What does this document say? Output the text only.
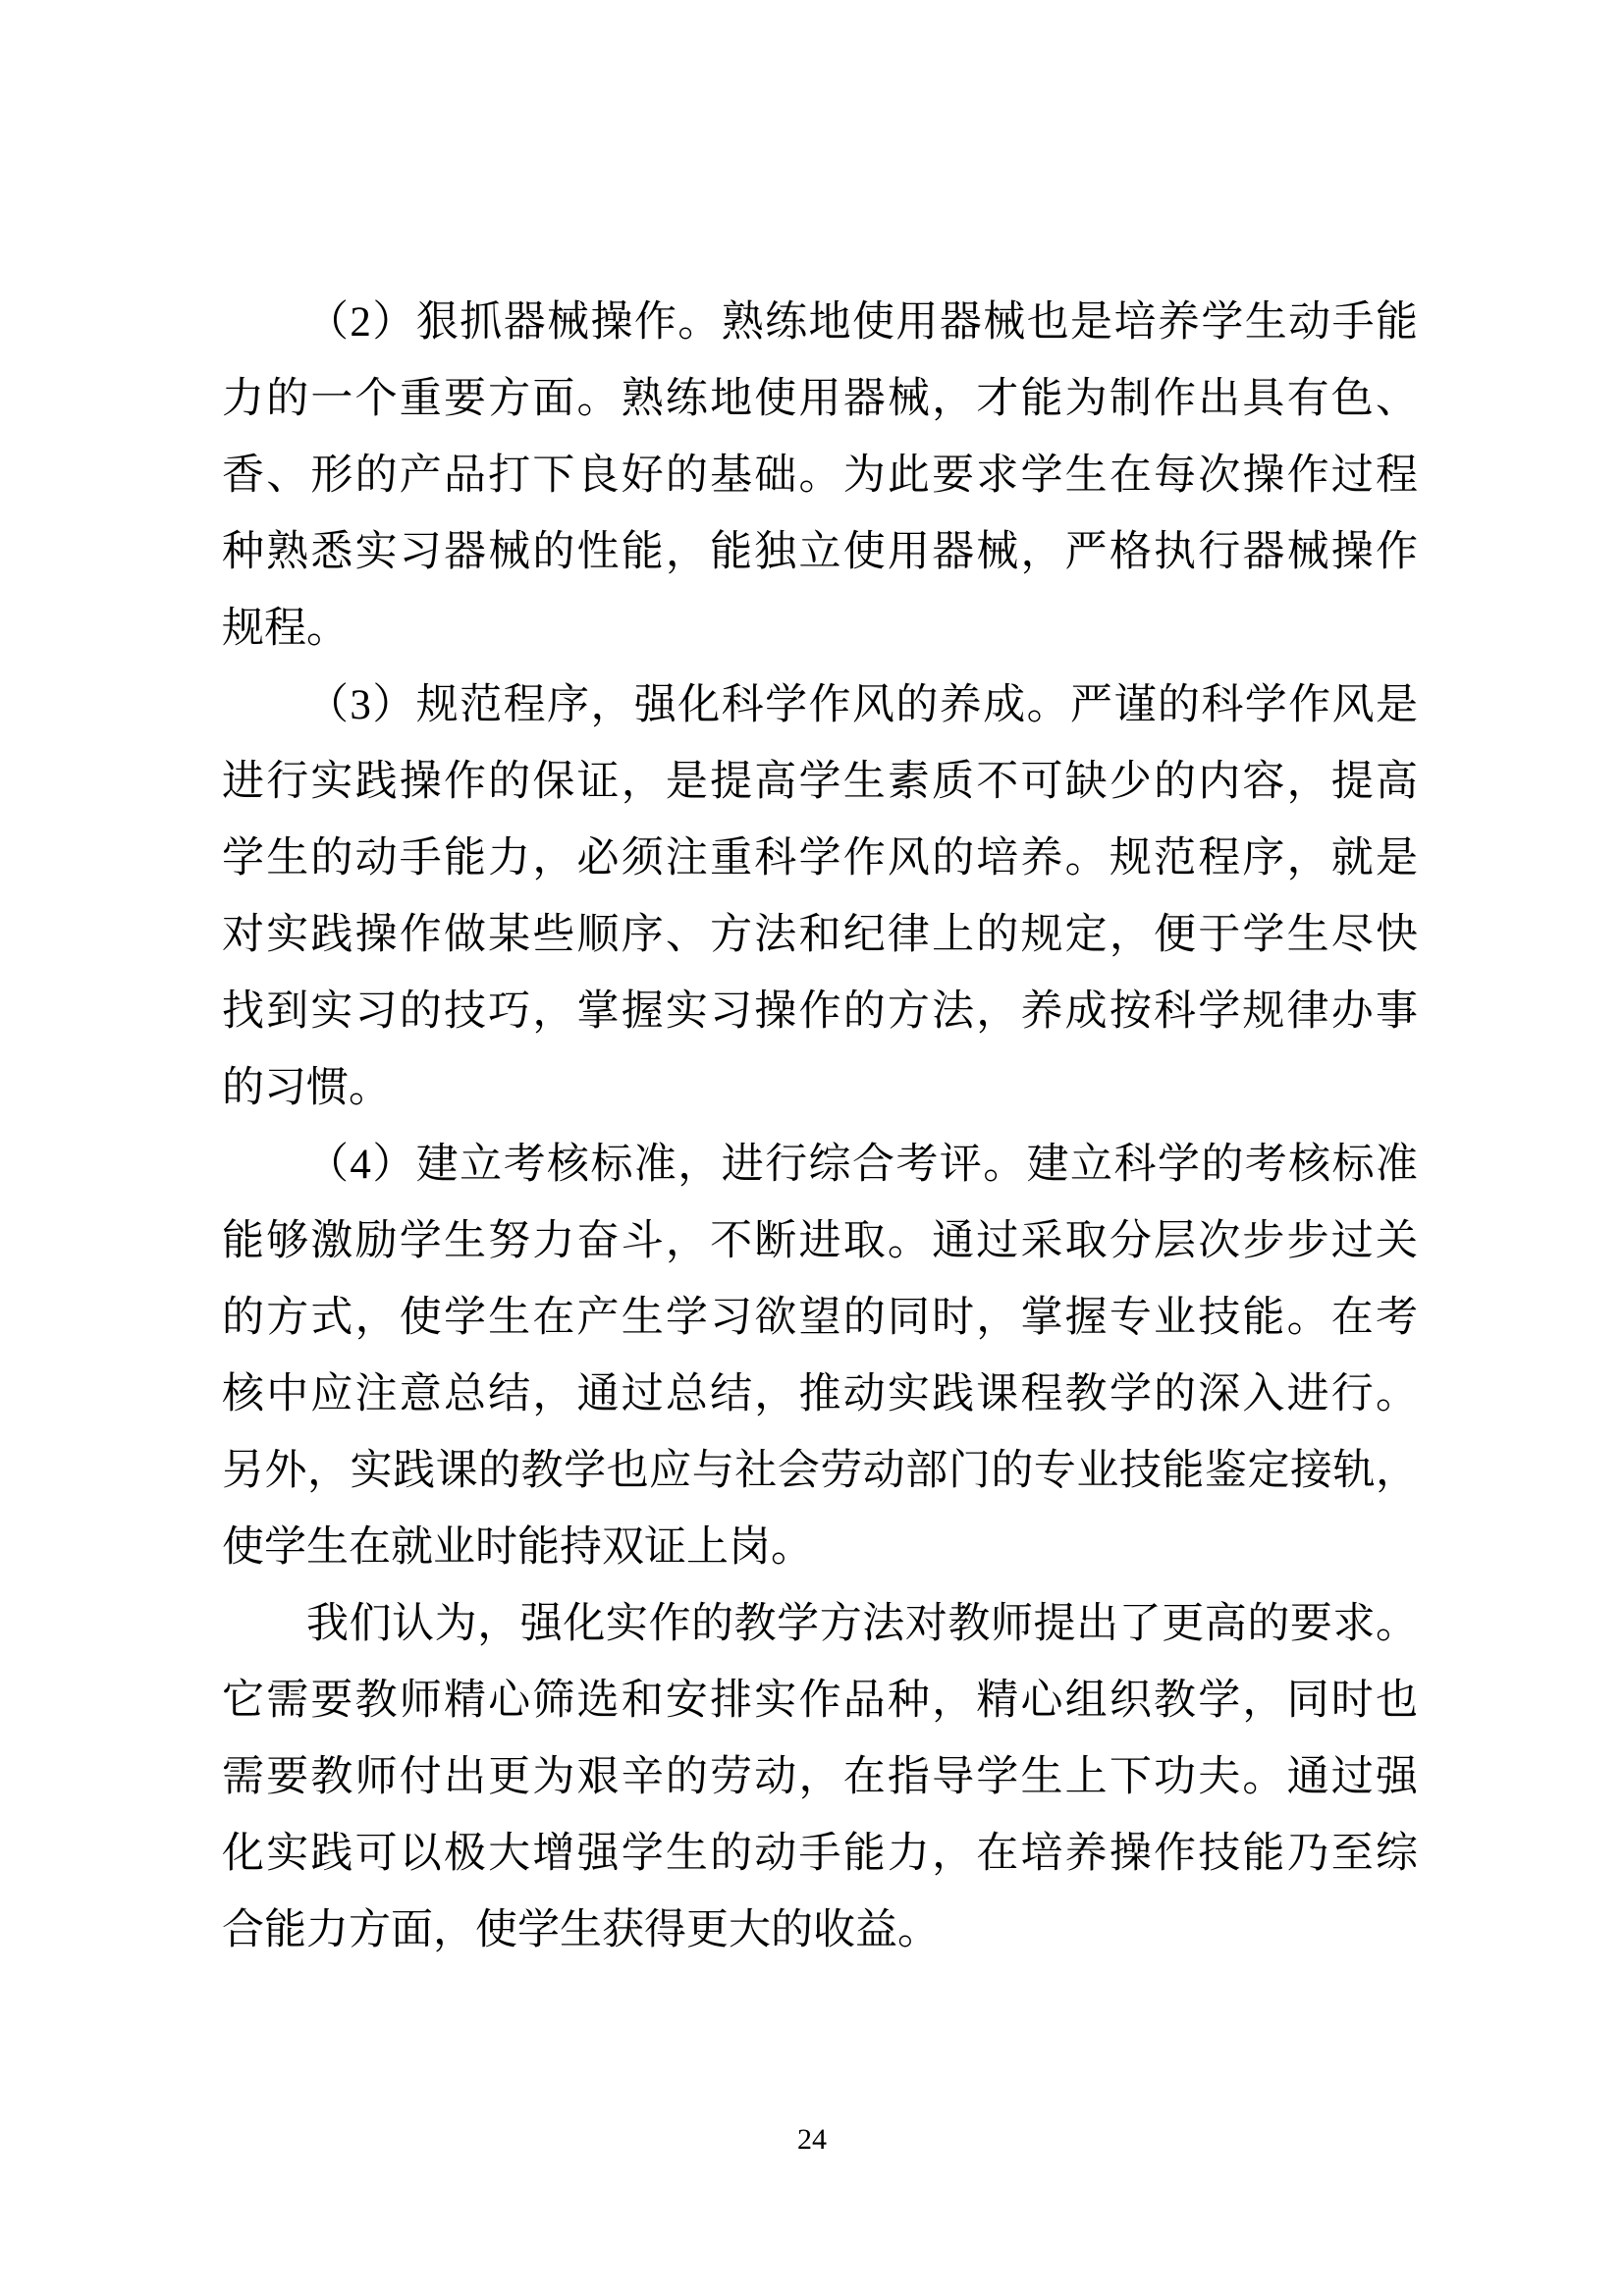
（2）狠抓器械操作。熟练地使用器械也是培养学生动手能
力的一个重要方面。熟练地使用器械，才能为制作出具有色、
香、形的产品打下良好的基础。为此要求学生在每次操作过程
种熟悉实习器械的性能，能独立使用器械，严格执行器械操作
规程。
（3）规范程序，强化科学作风的养成。严谨的科学作风是
进行实践操作的保证，是提高学生素质不可缺少的内容，提高
学生的动手能力，必须注重科学作风的培养。规范程序，就是
对实践操作做某些顺序、方法和纪律上的规定，便于学生尽快
找到实习的技巧，掌握实习操作的方法，养成按科学规律办事
的习惯。
（4）建立考核标准，进行综合考评。建立科学的考核标准
能够激励学生努力奋斗，不断进取。通过采取分层次步步过关
的方式，使学生在产生学习欲望的同时，掌握专业技能。在考
核中应注意总结，通过总结，推动实践课程教学的深入进行。
另外，实践课的教学也应与社会劳动部门的专业技能鉴定接轨，
使学生在就业时能持双证上岗。
我们认为，强化实作的教学方法对教师提出了更高的要求。
它需要教师精心筛选和安排实作品种，精心组织教学，同时也
需要教师付出更为艰辛的劳动，在指导学生上下功夫。通过强
化实践可以极大增强学生的动手能力，在培养操作技能乃至综
合能力方面，使学生获得更大的收益。
24
